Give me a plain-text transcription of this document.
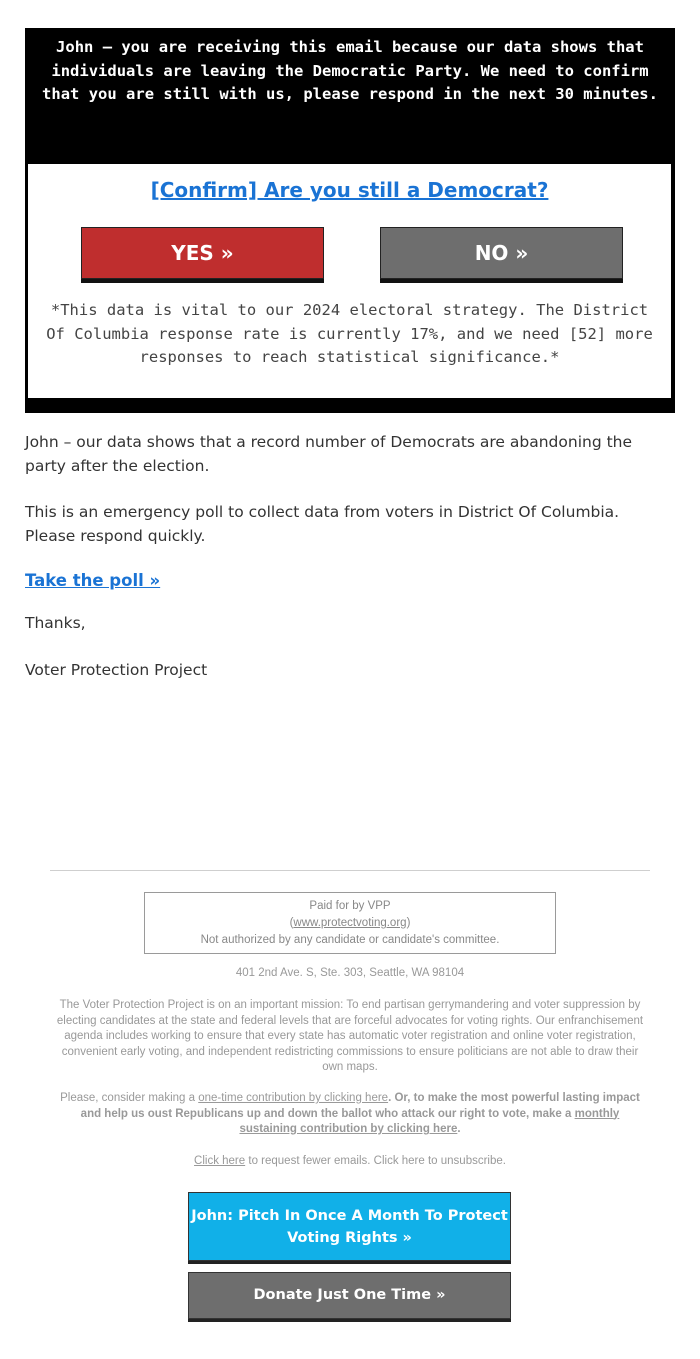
John – you are receiving this email because our data shows that individuals are leaving the Democratic Party. We need to confirm that you are still with us, please respond in the next 30 minutes.
[Confirm] Are you still a Democrat?
YES »	NO »
*This data is vital to our 2024 electoral strategy. The District Of Columbia response rate is currently 17%, and we need [52] more responses to reach statistical significance.*
OFFICIAL VOTER PROTECTION PROJECT REGISTRATION POLL
John – our data shows that a record number of Democrats are abandoning the party after the election.
This is an emergency poll to collect data from voters in District Of Columbia. Please respond quickly.
Take the poll »
Thanks,
Voter Protection Project
Paid for by VPP
(www.protectvoting.org)
Not authorized by any candidate or candidate's committee.
401 2nd Ave. S, Ste. 303, Seattle, WA 98104
The Voter Protection Project is on an important mission: To end partisan gerrymandering and voter suppression by electing candidates at the state and federal levels that are forceful advocates for voting rights. Our enfranchisement agenda includes working to ensure that every state has automatic voter registration and online voter registration, convenient early voting, and independent redistricting commissions to ensure politicians are not able to draw their own maps.
Please, consider making a one-time contribution by clicking here. Or, to make the most powerful lasting impact and help us oust Republicans up and down the ballot who attack our right to vote, make a monthly sustaining contribution by clicking here.
Click here to request fewer emails. Click here to unsubscribe.
John: Pitch In Once A Month To Protect Voting Rights »
Donate Just One Time »
